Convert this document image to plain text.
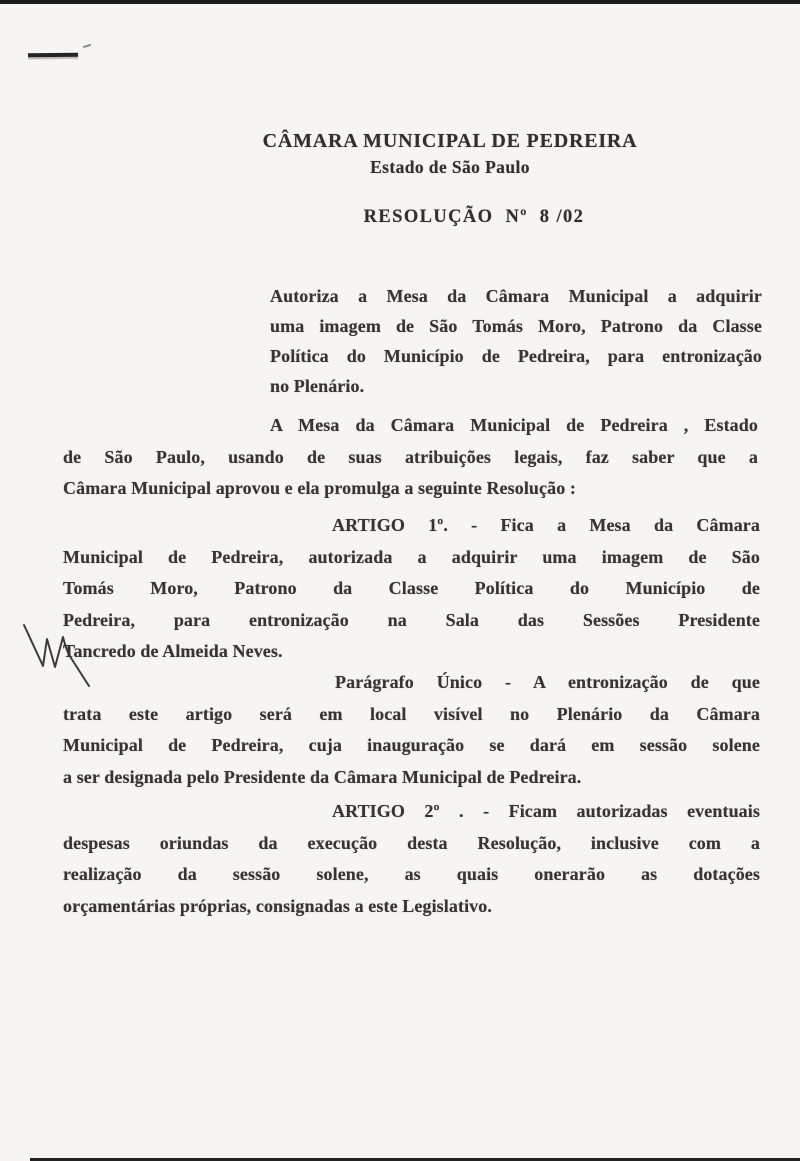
CÂMARA MUNICIPAL DE PEDREIRA
Estado de São Paulo
RESOLUÇÃO  Nº  8 /02
Autoriza a Mesa da Câmara Municipal a adquirir
uma imagem de São Tomás Moro, Patrono da Classe
Política do Município de Pedreira, para entronização
no Plenário.
A Mesa da Câmara Municipal de Pedreira , Estado
de São Paulo, usando de suas atribuições legais, faz saber que a
Câmara Municipal aprovou e ela promulga a seguinte Resolução :
ARTIGO 1º. - Fica a Mesa da Câmara
Municipal de Pedreira, autorizada a adquirir uma imagem de São
Tomás Moro, Patrono da Classe Política do Município de
Pedreira, para entronização na Sala das Sessões Presidente
Tancredo de Almeida Neves.
Parágrafo Único - A entronização de que
trata este artigo será em local visível no Plenário da Câmara
Municipal de Pedreira, cuja inauguração se dará em sessão solene
a ser designada pelo Presidente da Câmara Municipal de Pedreira.
ARTIGO 2º . - Ficam autorizadas eventuais
despesas oriundas da execução desta Resolução, inclusive com a
realização da sessão solene, as quais onerarão as dotações
orçamentárias próprias, consignadas a este Legislativo.
